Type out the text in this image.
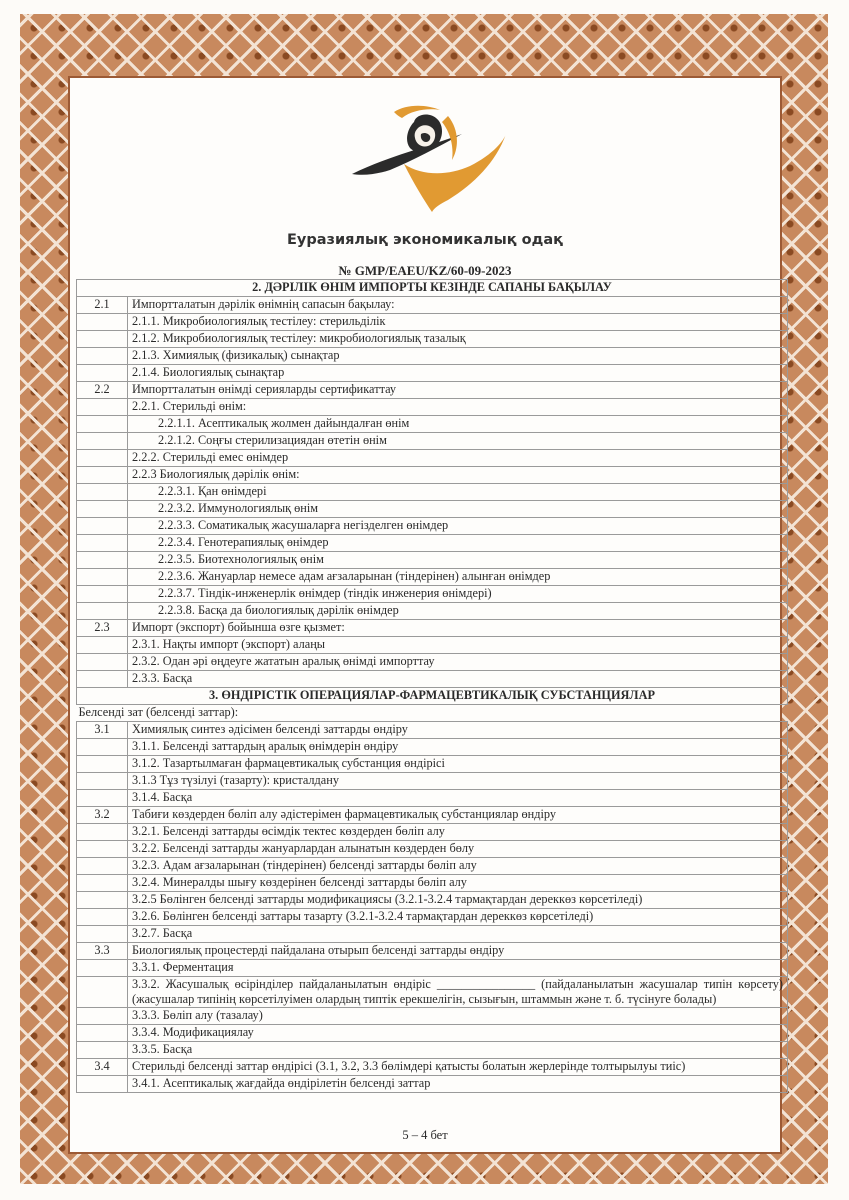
Еуразиялық экономикалық одақ
№ GMP/EAEU/KZ/60-09-2023
2. ДӘРІЛІК ӨНІМ ИМПОРТЫ КЕЗІНДЕ САПАНЫ БАҚЫЛАУ	
2.1	Импортталатын дәрілік өнімнің сапасын бақылау:
	2.1.1. Микробиологиялық тестілеу: стерильділік
	2.1.2. Микробиологиялық тестілеу: микробиологиялық тазалық
	2.1.3. Химиялық (физикалық) сынақтар
	2.1.4. Биологиялық сынақтар
2.2	Импортталатын өнімді серияларды сертификаттау
	2.2.1. Стерильді өнім:
	2.2.1.1. Асептикалық жолмен дайындалған өнім
	2.2.1.2. Соңғы стерилизациядан өтетін өнім
	2.2.2. Стерильді емес өнімдер
	2.2.3 Биологиялық дәрілік өнім:
	2.2.3.1. Қан өнімдері
	2.2.3.2. Иммунологиялық өнім
	2.2.3.3. Соматикалық жасушаларға негізделген өнімдер
	2.2.3.4. Генотерапиялық өнімдер
	2.2.3.5. Биотехнологиялық өнім
	2.2.3.6. Жануарлар немесе адам ағзаларынан (тіндерінен) алынған өнімдер
	2.2.3.7. Тіндік-инженерлік өнімдер (тіндік инженерия өнімдері)
	2.2.3.8. Басқа да биологиялық дәрілік өнімдер
2.3	Импорт (экспорт) бойынша өзге қызмет:
	2.3.1. Нақты импорт (экспорт) алаңы
	2.3.2. Одан әрі өңдеуге жататын аралық өнімді импорттау
	2.3.3. Басқа
3. ӨНДІРІСТІК ОПЕРАЦИЯЛАР-ФАРМАЦЕВТИКАЛЫҚ СУБСТАНЦИЯЛАР	
Белсенді зат (белсенді заттар):	
3.1	Химиялық синтез әдісімен белсенді заттарды өндіру
	3.1.1. Белсенді заттардың аралық өнімдерін өндіру
	3.1.2. Тазартылмаған фармацевтикалық субстанция өндірісі
	3.1.3 Тұз түзілуі (тазарту): кристалдану
	3.1.4. Басқа
3.2	Табиғи көздерден бөліп алу әдістерімен фармацевтикалық субстанциялар өндіру
	3.2.1. Белсенді заттарды өсімдік тектес көздерден бөліп алу
	3.2.2. Белсенді заттарды жануарлардан алынатын көздерден бөлу
	3.2.3. Адам ағзаларынан (тіндерінен) белсенді заттарды бөліп алу
	3.2.4. Минералды шығу көздерінен белсенді заттарды бөліп алу
	3.2.5 Бөлінген белсенді заттарды модификациясы (3.2.1-3.2.4 тармақтардан дереккөз көрсетіледі)
	3.2.6. Бөлінген белсенді заттары тазарту (3.2.1-3.2.4 тармақтардан дереккөз көрсетіледі)
	3.2.7. Басқа
3.3	Биологиялық процестерді пайдалана отырып белсенді заттарды өндіру
	3.3.1. Ферментация
	3.3.2. Жасушалық өсірінділер пайдаланылатын өндіріс ________________ (пайдаланылатын жасушалар типін көрсету) (жасушалар типінің көрсетілуімен олардың типтік ерекшелігін, сызығын, штаммын және т. б. түсінуге болады)
	3.3.3. Бөліп алу (тазалау)
	3.3.4. Модификациялау
	3.3.5. Басқа
3.4	Стерильді белсенді заттар өндірісі (3.1, 3.2, 3.3 бөлімдері қатысты болатын жерлерінде толтырылуы тиіс)
	3.4.1. Асептикалық жағдайда өндірілетін белсенді заттар
5 – 4 бет
